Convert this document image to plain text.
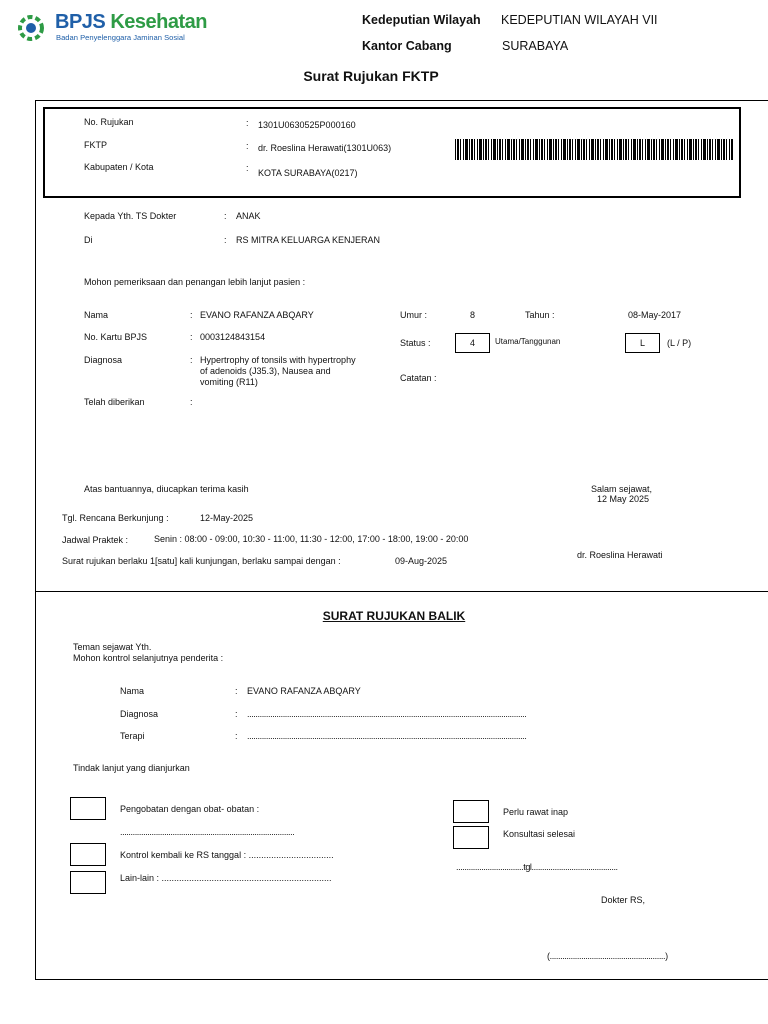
BPJS Kesehatan
Badan Penyelenggara Jaminan Sosial
Kedeputian Wilayah KEDEPUTIAN WILAYAH VII
Kantor Cabang	SURABAYA
Surat Rujukan FKTP
No. Rujukan	: 1301U0630525P000160
FKTP	: dr. Roeslina Herawati(1301U063)
Kabupaten / Kota	: KOTA SURABAYA(0217)
Kepada Yth. TS Dokter	: ANAK
Di	: RS MITRA KELUARGA KENJERAN
Mohon pemeriksaan dan penangan lebih lanjut pasien :
Nama	: EVANO RAFANZA ABQARY
No. Kartu BPJS	: 0003124843154
Diagnosa	: Hypertrophy of tonsils with hypertrophy
of adenoids (J35.3), Nausea and
vomiting (R11)
Telah diberikan	:
Umur :	8	Tahun :	08-May-2017
Status :	4	Utama/Tanggunan	L	(L / P)
Catatan :
Atas bantuannya, diucapkan terima kasih	Salam sejawat,
12 May 2025
Tgl. Rencana Berkunjung :	12-May-2025
Jadwal Praktek :	Senin : 08:00 - 09:00, 10:30 - 11:00, 11:30 - 12:00, 17:00 - 18:00, 19:00 - 20:00
Surat rujukan berlaku 1[satu] kali kunjungan, berlaku sampai dengan :	09-Aug-2025
dr. Roeslina Herawati
SURAT RUJUKAN BALIK
Teman sejawat Yth.
Mohon kontrol selanjutnya penderita :
Nama	: EVANO RAFANZA ABQARY
Diagnosa	: .....................................................................................................................................
Terapi	: .....................................................................................................................................
Tindak lanjut yang dianjurkan
Pengobatan dengan obat- obatan :
...................................................................................
Kontrol kembali ke RS tanggal : ..................................
Lain-lain : ....................................................................
Perlu rawat inap
Konsultasi selesai
................................tgl.........................................
Dokter RS,
(.......................................................)
